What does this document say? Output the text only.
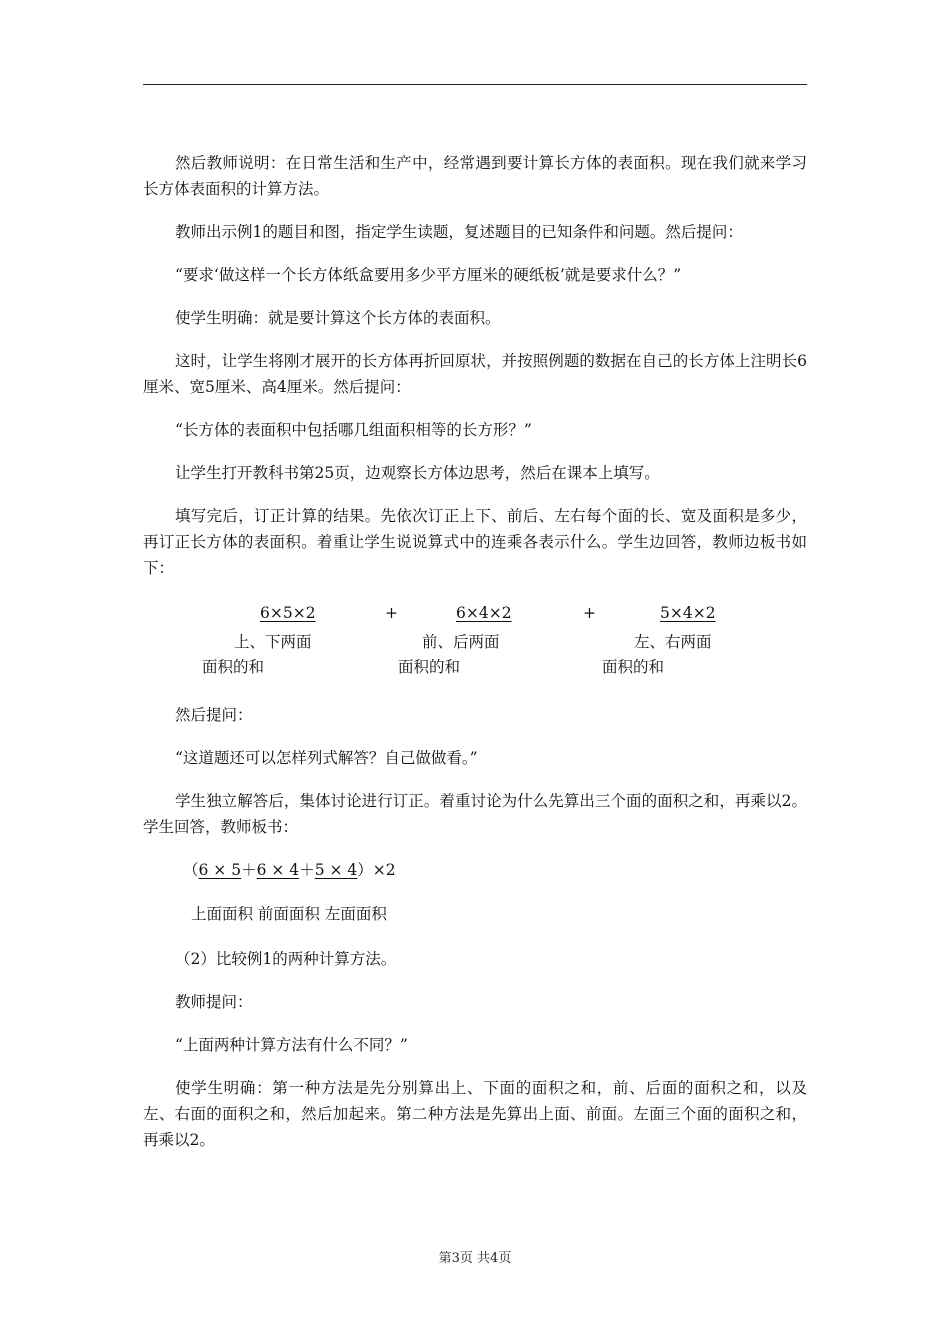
然后教师说明：在日常生活和生产中，经常遇到要计算长方体的表面积。现在我们就来学习长方体表面积的计算方法。

教师出示例1的题目和图，指定学生读题，复述题目的已知条件和问题。然后提问：

“要求‘做这样一个长方体纸盒要用多少平方厘米的硬纸板’就是要求什么？”

使学生明确：就是要计算这个长方体的表面积。

这时，让学生将刚才展开的长方体再折回原状，并按照例题的数据在自己的长方体上注明长6厘米、宽5厘米、高4厘米。然后提问：

“长方体的表面积中包括哪几组面积相等的长方形？”

让学生打开教科书第25页，边观察长方体边思考，然后在课本上填写。

填写完后，订正计算的结果。先依次订正上下、前后、左右每个面的长、宽及面积是多少，再订正长方体的表面积。着重让学生说说算式中的连乘各表示什么。学生边回答，教师边板书如下：

6×5×2	+	6×4×2	+	5×4×2
上、下两面
面积的和
前、后两面
面积的和
左、右两面
面积的和

然后提问：

“这道题还可以怎样列式解答？自己做做看。”

学生独立解答后，集体讨论进行订正。着重讨论为什么先算出三个面的面积之和，再乘以2。学生回答，教师板书：

（6 × 5＋6 × 4＋5 × 4）×2
上面面积 前面面积 左面面积

（2）比较例1的两种计算方法。

教师提问：

“上面两种计算方法有什么不同？”

使学生明确：第一种方法是先分别算出上、下面的面积之和，前、后面的面积之和，以及左、右面的面积之和，然后加起来。第二种方法是先算出上面、前面。左面三个面的面积之和，再乘以2。

第3页 共4页
